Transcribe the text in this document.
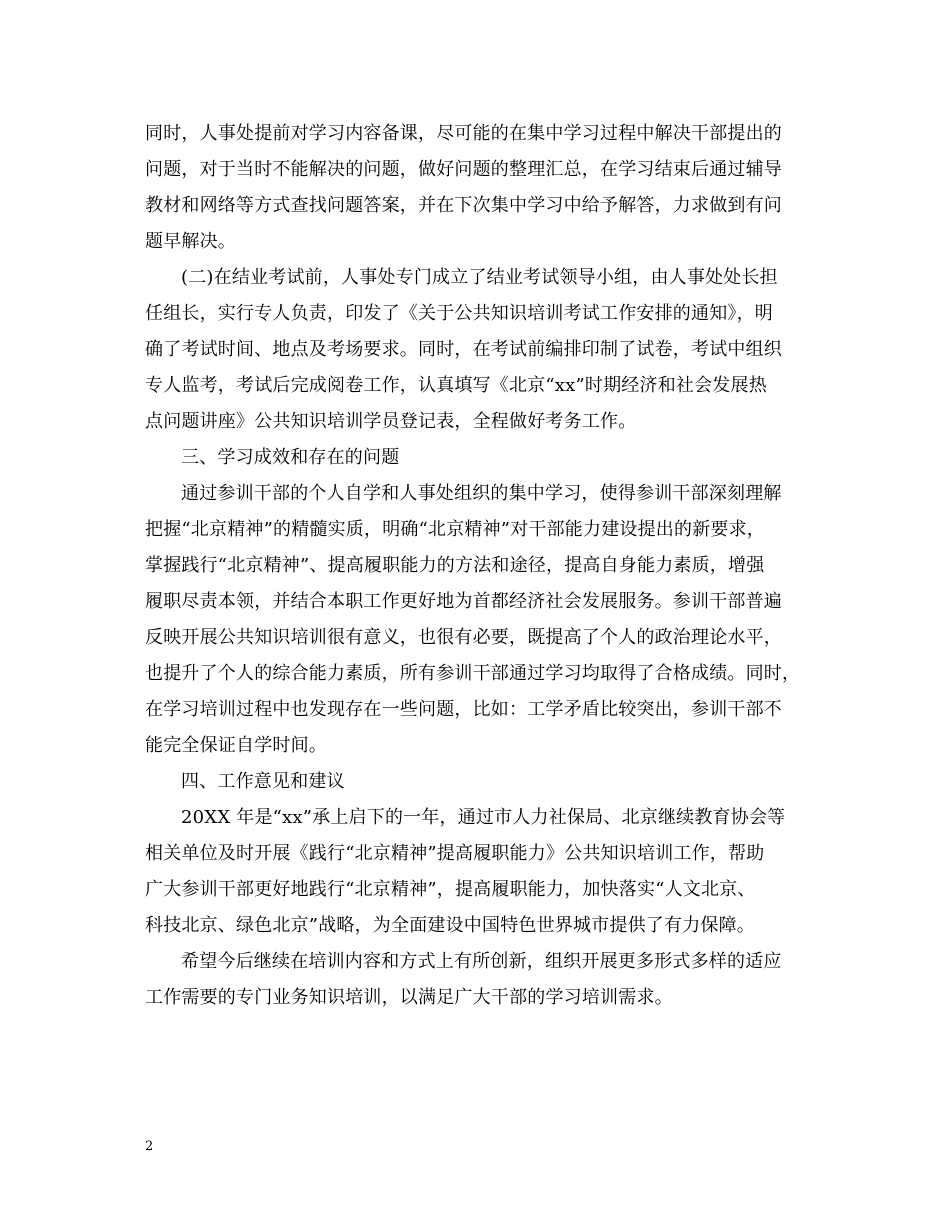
同时，人事处提前对学习内容备课，尽可能的在集中学习过程中解决干部提出的
问题，对于当时不能解决的问题，做好问题的整理汇总，在学习结束后通过辅导
教材和网络等方式查找问题答案，并在下次集中学习中给予解答，力求做到有问
题早解决。
(二)在结业考试前，人事处专门成立了结业考试领导小组，由人事处处长担
任组长，实行专人负责，印发了《关于公共知识培训考试工作安排的通知》，明
确了考试时间、地点及考场要求。同时，在考试前编排印制了试卷，考试中组织
专人监考，考试后完成阅卷工作，认真填写《北京“xx”时期经济和社会发展热
点问题讲座》公共知识培训学员登记表，全程做好考务工作。
三、学习成效和存在的问题
通过参训干部的个人自学和人事处组织的集中学习，使得参训干部深刻理解
把握“北京精神”的精髓实质，明确“北京精神”对干部能力建设提出的新要求，
掌握践行“北京精神”、提高履职能力的方法和途径，提高自身能力素质，增强
履职尽责本领，并结合本职工作更好地为首都经济社会发展服务。参训干部普遍
反映开展公共知识培训很有意义，也很有必要，既提高了个人的政治理论水平，
也提升了个人的综合能力素质，所有参训干部通过学习均取得了合格成绩。同时，
在学习培训过程中也发现存在一些问题，比如：工学矛盾比较突出，参训干部不
能完全保证自学时间。
四、工作意见和建议
20XX 年是“xx”承上启下的一年，通过市人力社保局、北京继续教育协会等
相关单位及时开展《践行“北京精神”提高履职能力》公共知识培训工作，帮助
广大参训干部更好地践行“北京精神”，提高履职能力，加快落实“人文北京、
科技北京、绿色北京”战略，为全面建设中国特色世界城市提供了有力保障。
希望今后继续在培训内容和方式上有所创新，组织开展更多形式多样的适应
工作需要的专门业务知识培训，以满足广大干部的学习培训需求。
2
